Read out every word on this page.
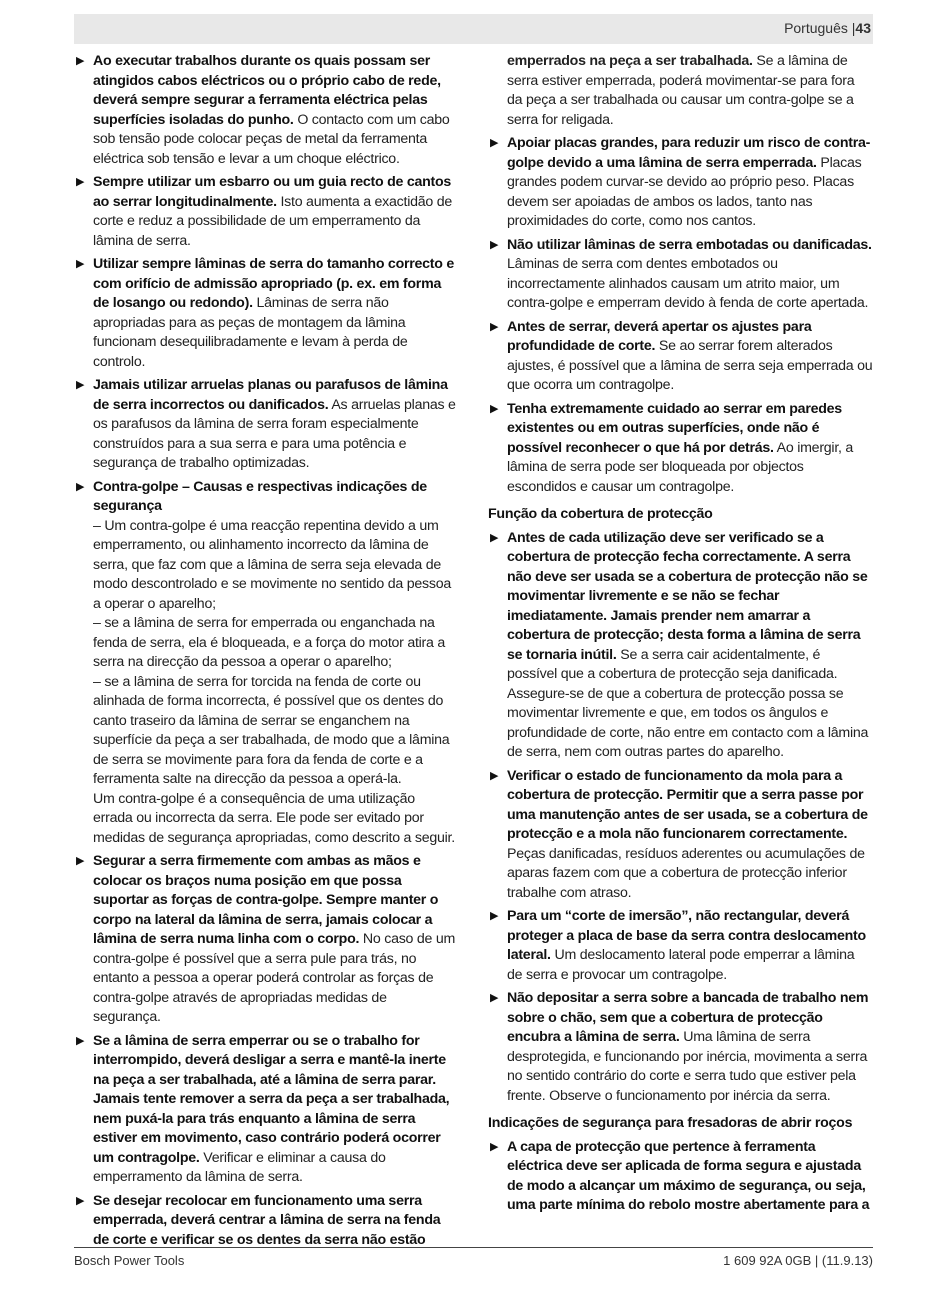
Português |43
▶ Ao executar trabalhos durante os quais possam ser atingidos cabos eléctricos ou o próprio cabo de rede, deverá sempre segurar a ferramenta eléctrica pelas superfícies isoladas do punho. O contacto com um cabo sob tensão pode colocar peças de metal da ferramenta eléctrica sob tensão e levar a um choque eléctrico.
▶ Sempre utilizar um esbarro ou um guia recto de cantos ao serrar longitudinalmente. Isto aumenta a exactidão de corte e reduz a possibilidade de um emperramento da lâmina de serra.
▶ Utilizar sempre lâminas de serra do tamanho correcto e com orifício de admissão apropriado (p. ex. em forma de losango ou redondo). Lâminas de serra não apropriadas para as peças de montagem da lâmina funcionam desequilibradamente e levam à perda de controlo.
▶ Jamais utilizar arruelas planas ou parafusos de lâmina de serra incorrectos ou danificados. As arruelas planas e os parafusos da lâmina de serra foram especialmente construídos para a sua serra e para uma potência e segurança de trabalho optimizadas.
▶ Contra-golpe – Causas e respectivas indicações de segurança
– Um contra-golpe é uma reacção repentina devido a um emperramento, ou alinhamento incorrecto da lâmina de serra, que faz com que a lâmina de serra seja elevada de modo descontrolado e se movimente no sentido da pessoa a operar o aparelho;
– se a lâmina de serra for emperrada ou enganchada na fenda de serra, ela é bloqueada, e a força do motor atira a serra na direcção da pessoa a operar o aparelho;
– se a lâmina de serra for torcida na fenda de corte ou alinhada de forma incorrecta, é possível que os dentes do canto traseiro da lâmina de serrar se enganchem na superfície da peça a ser trabalhada, de modo que a lâmina de serra se movimente para fora da fenda de corte e a ferramenta salte na direcção da pessoa a operá-la.
Um contra-golpe é a consequência de uma utilização errada ou incorrecta da serra. Ele pode ser evitado por medidas de segurança apropriadas, como descrito a seguir.
▶ Segurar a serra firmemente com ambas as mãos e colocar os braços numa posição em que possa suportar as forças de contra-golpe. Sempre manter o corpo na lateral da lâmina de serra, jamais colocar a lâmina de serra numa linha com o corpo. No caso de um contra-golpe é possível que a serra pule para trás, no entanto a pessoa a operar poderá controlar as forças de contra-golpe através de apropriadas medidas de segurança.
▶ Se a lâmina de serra emperrar ou se o trabalho for interrompido, deverá desligar a serra e mantê-la inerte na peça a ser trabalhada, até a lâmina de serra parar. Jamais tente remover a serra da peça a ser trabalhada, nem puxá-la para trás enquanto a lâmina de serra estiver em movimento, caso contrário poderá ocorrer um contragolpe. Verificar e eliminar a causa do emperramento da lâmina de serra.
▶ Se desejar recolocar em funcionamento uma serra emperrada, deverá centrar a lâmina de serra na fenda de corte e verificar se os dentes da serra não estão
emperrados na peça a ser trabalhada. Se a lâmina de serra estiver emperrada, poderá movimentar-se para fora da peça a ser trabalhada ou causar um contra-golpe se a serra for religada.
▶ Apoiar placas grandes, para reduzir um risco de contra-golpe devido a uma lâmina de serra emperrada. Placas grandes podem curvar-se devido ao próprio peso. Placas devem ser apoiadas de ambos os lados, tanto nas proximidades do corte, como nos cantos.
▶ Não utilizar lâminas de serra embotadas ou danificadas. Lâminas de serra com dentes embotados ou incorrectamente alinhados causam um atrito maior, um contra-golpe e emperram devido à fenda de corte apertada.
▶ Antes de serrar, deverá apertar os ajustes para profundidade de corte. Se ao serrar forem alterados ajustes, é possível que a lâmina de serra seja emperrada ou que ocorra um contragolpe.
▶ Tenha extremamente cuidado ao serrar em paredes existentes ou em outras superfícies, onde não é possível reconhecer o que há por detrás. Ao imergir, a lâmina de serra pode ser bloqueada por objectos escondidos e causar um contragolpe.
Função da cobertura de protecção
▶ Antes de cada utilização deve ser verificado se a cobertura de protecção fecha correctamente. A serra não deve ser usada se a cobertura de protecção não se movimentar livremente e se não se fechar imediatamente. Jamais prender nem amarrar a cobertura de protecção; desta forma a lâmina de serra se tornaria inútil. Se a serra cair acidentalmente, é possível que a cobertura de protecção seja danificada. Assegure-se de que a cobertura de protecção possa se movimentar livremente e que, em todos os ângulos e profundidade de corte, não entre em contacto com a lâmina de serra, nem com outras partes do aparelho.
▶ Verificar o estado de funcionamento da mola para a cobertura de protecção. Permitir que a serra passe por uma manutenção antes de ser usada, se a cobertura de protecção e a mola não funcionarem correctamente. Peças danificadas, resíduos aderentes ou acumulações de aparas fazem com que a cobertura de protecção inferior trabalhe com atraso.
▶ Para um “corte de imersão”, não rectangular, deverá proteger a placa de base da serra contra deslocamento lateral. Um deslocamento lateral pode emperrar a lâmina de serra e provocar um contragolpe.
▶ Não depositar a serra sobre a bancada de trabalho nem sobre o chão, sem que a cobertura de protecção encubra a lâmina de serra. Uma lâmina de serra desprotegida, e funcionando por inércia, movimenta a serra no sentido contrário do corte e serra tudo que estiver pela frente. Observe o funcionamento por inércia da serra.
Indicações de segurança para fresadoras de abrir roços
▶ A capa de protecção que pertence à ferramenta eléctrica deve ser aplicada de forma segura e ajustada de modo a alcançar um máximo de segurança, ou seja, uma parte mínima do rebolo mostre abertamente para a
Bosch Power Tools	1 609 92A 0GB | (11.9.13)
